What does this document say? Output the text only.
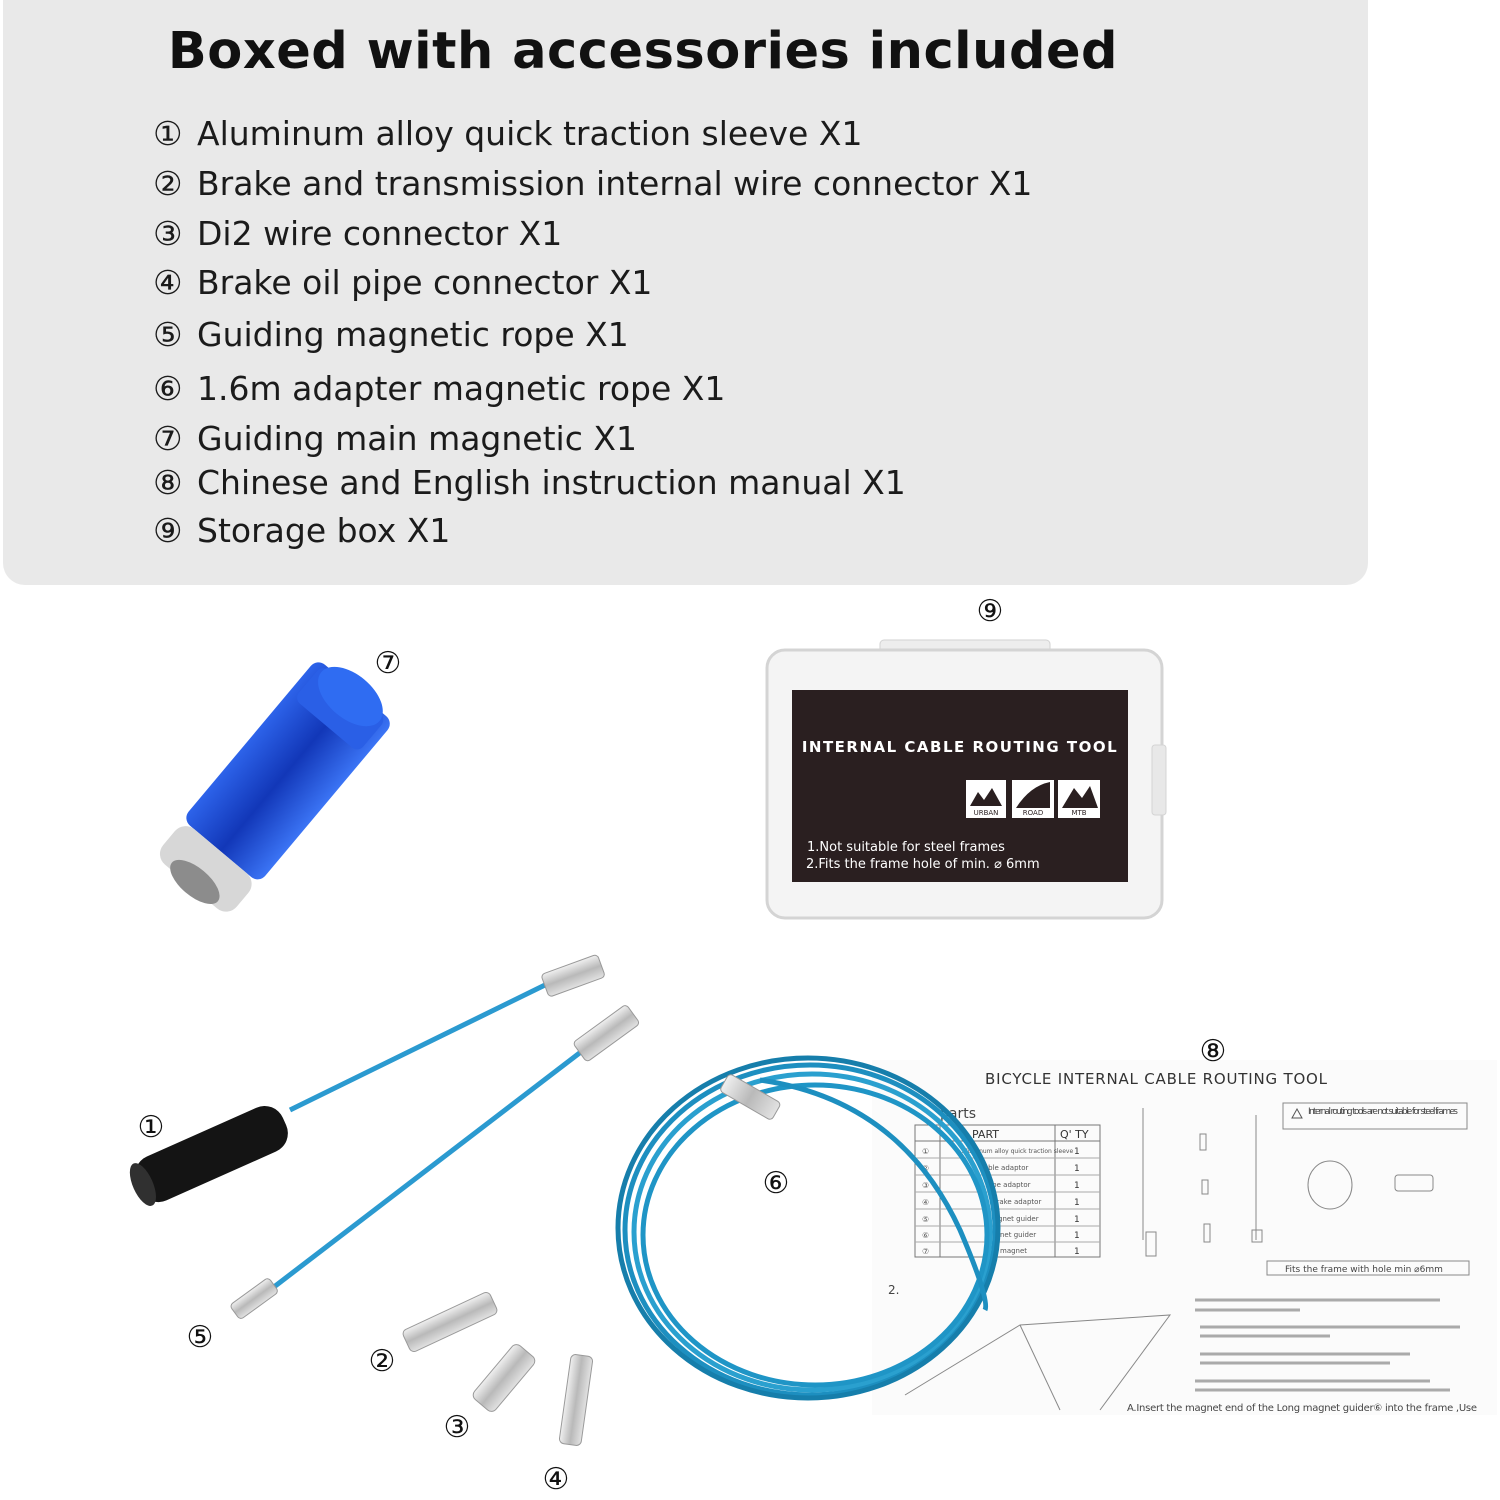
Boxed with accessories included
① Aluminum alloy quick traction sleeve X1
② Brake and transmission internal wire connector X1
③ Di2 wire connector X1
④ Brake oil pipe connector X1
⑤ Guiding magnetic rope X1
⑥ 1.6m adapter magnetic rope X1
⑦ Guiding main magnetic X1
⑧ Chinese and English instruction manual X1
⑨ Storage box X1
INTERNAL CABLE ROUTING TOOL
URBAN	ROAD	MTB
1.Not suitable for steel frames
2.Fits the frame hole of min. ⌀ 6mm
BICYCLE INTERNAL CABLE ROUTING TOOL
parts
PART	Q' TY
①	Aluminum alloy quick traction sleeve 1
②	cable adaptor	1
③	tube adaptor	1
④	brake adaptor	1
⑤	gnet guider	1
⑥	net guider	1
⑦	magnet	1
Internal routing tools are not suitable for steel frames
Fits the frame with hole min ⌀6mm
2.
A.Insert the magnet end of the Long magnet guider⑥ into the frame ,Use
①
②
③
④
⑤
⑥
⑦
⑧
⑨
